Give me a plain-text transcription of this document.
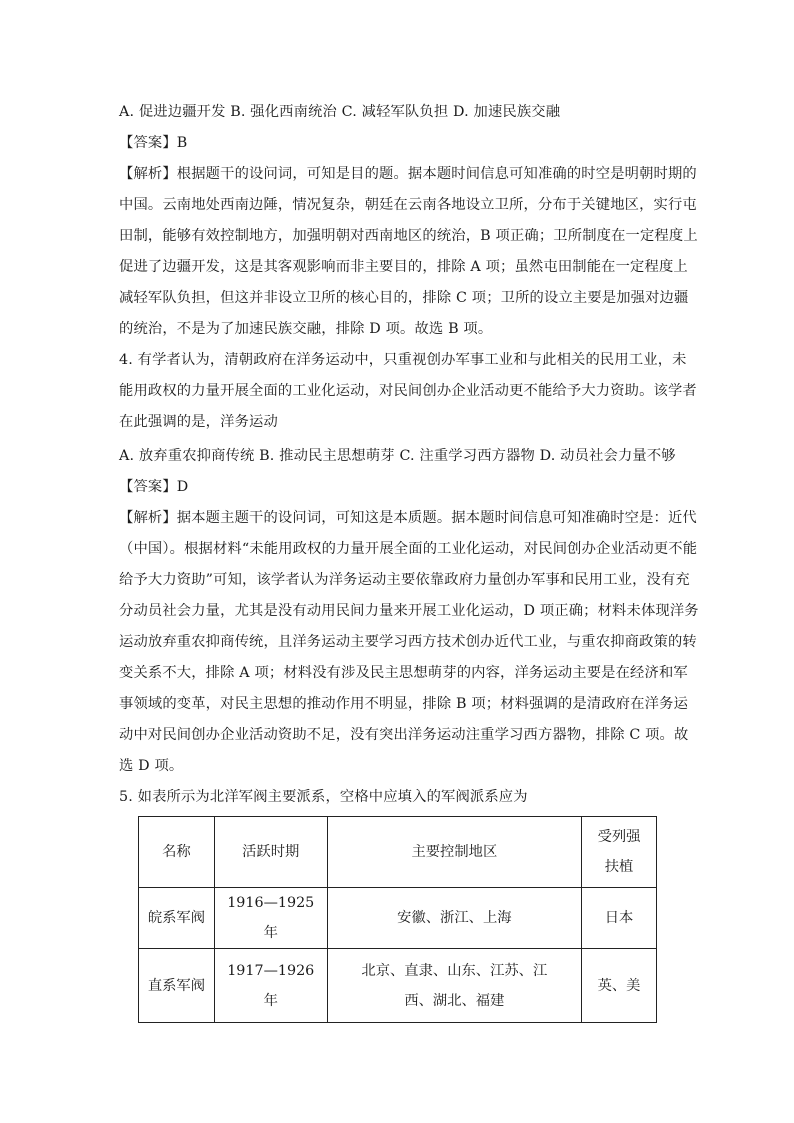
A. 促进边疆开发 B. 强化西南统治 C. 减轻军队负担 D. 加速民族交融
【答案】B
【解析】根据题干的设问词，可知是目的题。据本题时间信息可知准确的时空是明朝时期的
中国。云南地处西南边陲，情况复杂，朝廷在云南各地设立卫所，分布于关键地区，实行屯
田制，能够有效控制地方，加强明朝对西南地区的统治，B 项正确；卫所制度在一定程度上
促进了边疆开发，这是其客观影响而非主要目的，排除 A 项；虽然屯田制能在一定程度上
减轻军队负担，但这并非设立卫所的核心目的，排除 C 项；卫所的设立主要是加强对边疆
的统治，不是为了加速民族交融，排除 D 项。故选 B 项。
4. 有学者认为，清朝政府在洋务运动中，只重视创办军事工业和与此相关的民用工业，未
能用政权的力量开展全面的工业化运动，对民间创办企业活动更不能给予大力资助。该学者
在此强调的是，洋务运动
A. 放弃重农抑商传统 B. 推动民主思想萌芽 C. 注重学习西方器物 D. 动员社会力量不够
【答案】D
【解析】据本题主题干的设问词，可知这是本质题。据本题时间信息可知准确时空是：近代
（中国）。根据材料“未能用政权的力量开展全面的工业化运动，对民间创办企业活动更不能
给予大力资助”可知，该学者认为洋务运动主要依靠政府力量创办军事和民用工业，没有充
分动员社会力量，尤其是没有动用民间力量来开展工业化运动，D 项正确；材料未体现洋务
运动放弃重农抑商传统，且洋务运动主要学习西方技术创办近代工业，与重农抑商政策的转
变关系不大，排除 A 项；材料没有涉及民主思想萌芽的内容，洋务运动主要是在经济和军
事领域的变革，对民主思想的推动作用不明显，排除 B 项；材料强调的是清政府在洋务运
动中对民间创办企业活动资助不足，没有突出洋务运动注重学习西方器物，排除 C 项。故
选 D 项。
5. 如表所示为北洋军阀主要派系，空格中应填入的军阀派系应为
名称	活跃时期	主要控制地区	受列强扶植
皖系军阀	1916—1925 年	安徽、浙江、上海	日本
直系军阀	1917—1926 年	北京、直隶、山东、江苏、江西、湖北、福建	英、美
